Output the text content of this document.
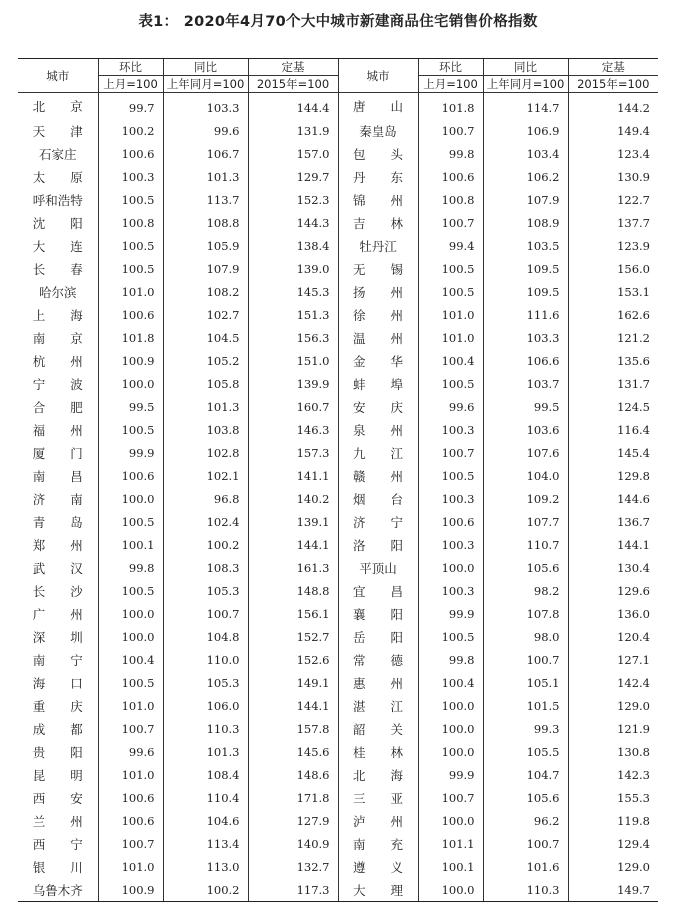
表1： 2020年4月70个大中城市新建商品住宅销售价格指数
城市	环比	同比	定基	城市	环比	同比	定基
	上月=100	上年同月=100	2015年=100		上月=100	上年同月=100	2015年=100
北　　京	99.7	103.3	144.4	唐　　山	101.8	114.7	144.2
天　　津	100.2	99.6	131.9	秦皇岛	100.7	106.9	149.4
石家庄	100.6	106.7	157.0	包　　头	99.8	103.4	123.4
太　　原	100.3	101.3	129.7	丹　　东	100.6	106.2	130.9
呼和浩特	100.5	113.7	152.3	锦　　州	100.8	107.9	122.7
沈　　阳	100.8	108.8	144.3	吉　　林	100.7	108.9	137.7
大　　连	100.5	105.9	138.4	牡丹江	99.4	103.5	123.9
长　　春	100.5	107.9	139.0	无　　锡	100.5	109.5	156.0
哈尔滨	101.0	108.2	145.3	扬　　州	100.5	109.5	153.1
上　　海	100.6	102.7	151.3	徐　　州	101.0	111.6	162.6
南　　京	101.8	104.5	156.3	温　　州	101.0	103.3	121.2
杭　　州	100.9	105.2	151.0	金　　华	100.4	106.6	135.6
宁　　波	100.0	105.8	139.9	蚌　　埠	100.5	103.7	131.7
合　　肥	99.5	101.3	160.7	安　　庆	99.6	99.5	124.5
福　　州	100.5	103.8	146.3	泉　　州	100.3	103.6	116.4
厦　　门	99.9	102.8	157.3	九　　江	100.7	107.6	145.4
南　　昌	100.6	102.1	141.1	赣　　州	100.5	104.0	129.8
济　　南	100.0	96.8	140.2	烟　　台	100.3	109.2	144.6
青　　岛	100.5	102.4	139.1	济　　宁	100.6	107.7	136.7
郑　　州	100.1	100.2	144.1	洛　　阳	100.3	110.7	144.1
武　　汉	99.8	108.3	161.3	平顶山	100.0	105.6	130.4
长　　沙	100.5	105.3	148.8	宜　　昌	100.3	98.2	129.6
广　　州	100.0	100.7	156.1	襄　　阳	99.9	107.8	136.0
深　　圳	100.0	104.8	152.7	岳　　阳	100.5	98.0	120.4
南　　宁	100.4	110.0	152.6	常　　德	99.8	100.7	127.1
海　　口	100.5	105.3	149.1	惠　　州	100.4	105.1	142.4
重　　庆	101.0	106.0	144.1	湛　　江	100.0	101.5	129.0
成　　都	100.7	110.3	157.8	韶　　关	100.0	99.3	121.9
贵　　阳	99.6	101.3	145.6	桂　　林	100.0	105.5	130.8
昆　　明	101.0	108.4	148.6	北　　海	99.9	104.7	142.3
西　　安	100.6	110.4	171.8	三　　亚	100.7	105.6	155.3
兰　　州	100.6	104.6	127.9	泸　　州	100.0	96.2	119.8
西　　宁	100.7	113.4	140.9	南　　充	101.1	100.7	129.4
银　　川	101.0	113.0	132.7	遵　　义	100.1	101.6	129.0
乌鲁木齐	100.9	100.2	117.3	大　　理	100.0	110.3	149.7
